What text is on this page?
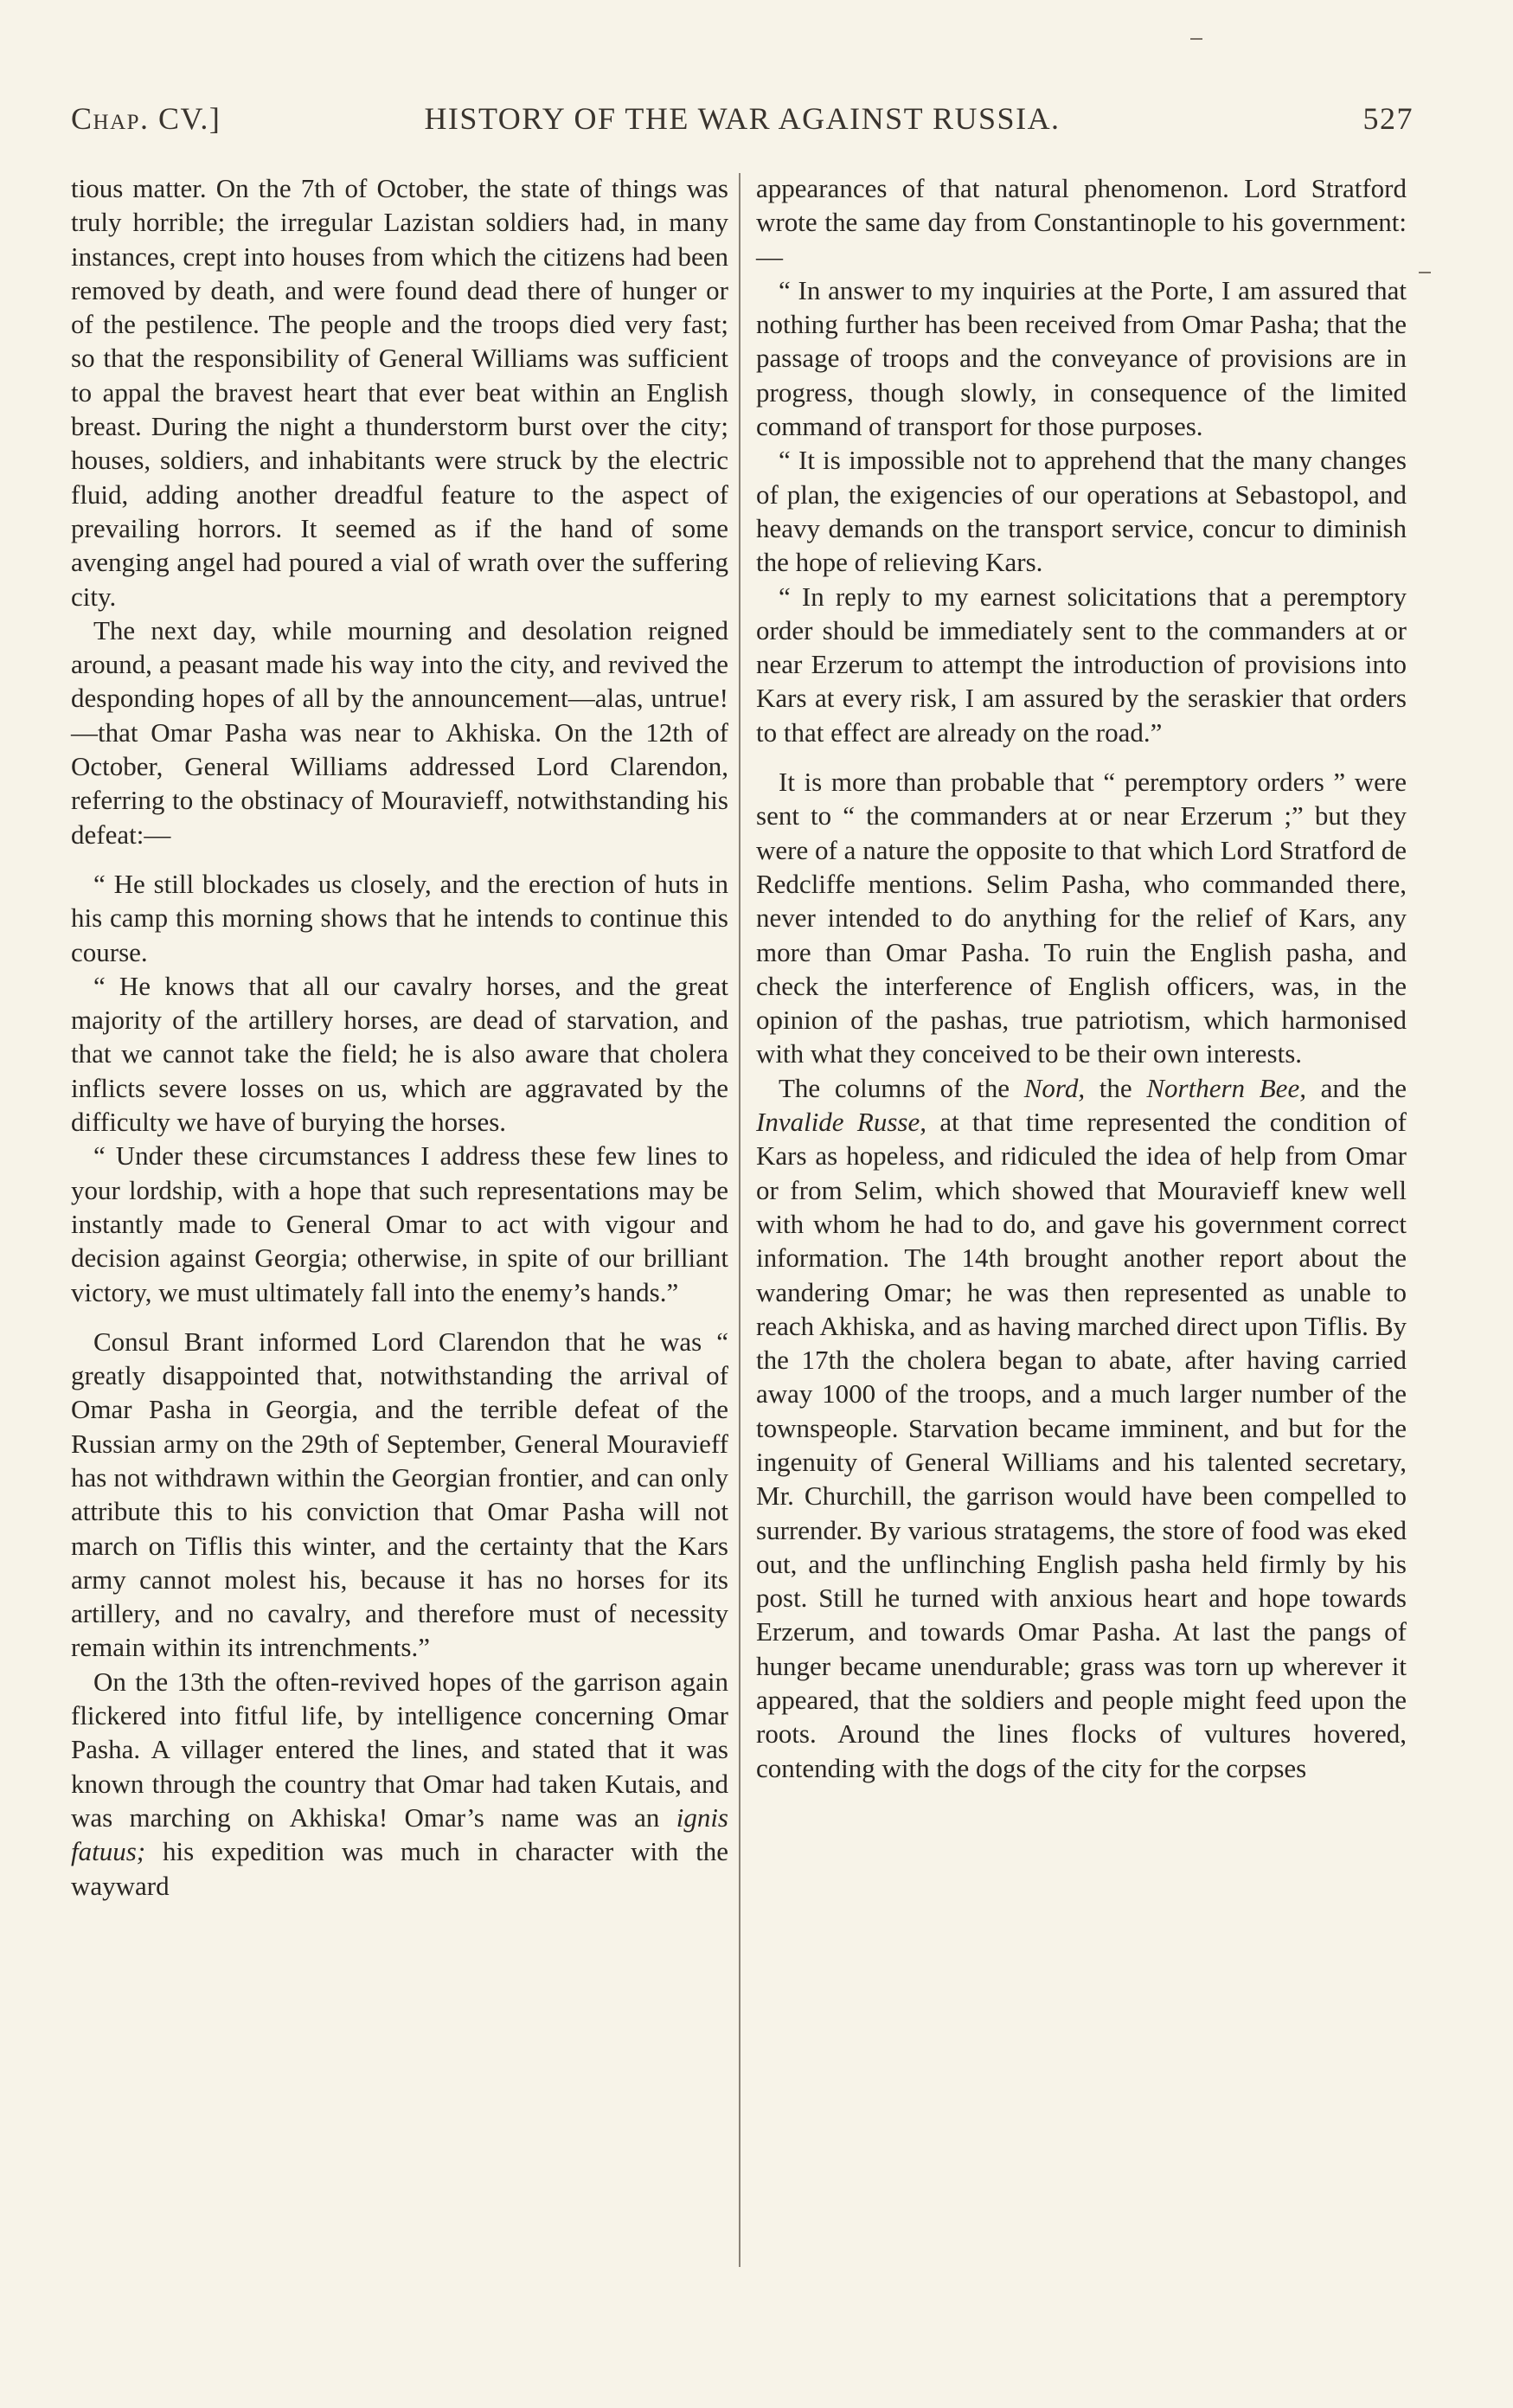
Chap. CV.]	HISTORY OF THE WAR AGAINST RUSSIA.	527

tious matter. On the 7th of October, the state of things was truly horrible; the irregular Lazistan soldiers had, in many instances, crept into houses from which the citizens had been removed by death, and were found dead there of hunger or of the pestilence. The people and the troops died very fast; so that the responsibility of General Williams was sufficient to appal the bravest heart that ever beat within an English breast. During the night a thunderstorm burst over the city; houses, soldiers, and inhabitants were struck by the electric fluid, adding another dreadful feature to the aspect of prevailing horrors. It seemed as if the hand of some avenging angel had poured a vial of wrath over the suffering city.

The next day, while mourning and desolation reigned around, a peasant made his way into the city, and revived the desponding hopes of all by the announcement—alas, untrue!—that Omar Pasha was near to Akhiska. On the 12th of October, General Williams addressed Lord Clarendon, referring to the obstinacy of Mouravieff, notwithstanding his defeat:—

“ He still blockades us closely, and the erection of huts in his camp this morning shows that he intends to continue this course.

“ He knows that all our cavalry horses, and the great majority of the artillery horses, are dead of starvation, and that we cannot take the field; he is also aware that cholera inflicts severe losses on us, which are aggravated by the difficulty we have of burying the horses.

“ Under these circumstances I address these few lines to your lordship, with a hope that such representations may be instantly made to General Omar to act with vigour and decision against Georgia; otherwise, in spite of our brilliant victory, we must ultimately fall into the enemy’s hands.”

Consul Brant informed Lord Clarendon that he was “ greatly disappointed that, notwithstanding the arrival of Omar Pasha in Georgia, and the terrible defeat of the Russian army on the 29th of September, General Mouravieff has not withdrawn within the Georgian frontier, and can only attribute this to his conviction that Omar Pasha will not march on Tiflis this winter, and the certainty that the Kars army cannot molest his, because it has no horses for its artillery, and no cavalry, and therefore must of necessity remain within its intrenchments.”

On the 13th the often-revived hopes of the garrison again flickered into fitful life, by intelligence concerning Omar Pasha. A villager entered the lines, and stated that it was known through the country that Omar had taken Kutais, and was marching on Akhiska! Omar’s name was an ignis fatuus; his expedition was much in character with the wayward

appearances of that natural phenomenon. Lord Stratford wrote the same day from Constantinople to his government:—

“ In answer to my inquiries at the Porte, I am assured that nothing further has been received from Omar Pasha; that the passage of troops and the conveyance of provisions are in progress, though slowly, in consequence of the limited command of transport for those purposes.

“ It is impossible not to apprehend that the many changes of plan, the exigencies of our operations at Sebastopol, and heavy demands on the transport service, concur to diminish the hope of relieving Kars.

“ In reply to my earnest solicitations that a peremptory order should be immediately sent to the commanders at or near Erzerum to attempt the introduction of provisions into Kars at every risk, I am assured by the seraskier that orders to that effect are already on the road.”

It is more than probable that “ peremptory orders ” were sent to “ the commanders at or near Erzerum ;” but they were of a nature the opposite to that which Lord Stratford de Redcliffe mentions. Selim Pasha, who commanded there, never intended to do anything for the relief of Kars, any more than Omar Pasha. To ruin the English pasha, and check the interference of English officers, was, in the opinion of the pashas, true patriotism, which harmonised with what they conceived to be their own interests.

The columns of the Nord, the Northern Bee, and the Invalide Russe, at that time represented the condition of Kars as hopeless, and ridiculed the idea of help from Omar or from Selim, which showed that Mouravieff knew well with whom he had to do, and gave his government correct information. The 14th brought another report about the wandering Omar; he was then represented as unable to reach Akhiska, and as having marched direct upon Tiflis. By the 17th the cholera began to abate, after having carried away 1000 of the troops, and a much larger number of the townspeople. Starvation became imminent, and but for the ingenuity of General Williams and his talented secretary, Mr. Churchill, the garrison would have been compelled to surrender. By various stratagems, the store of food was eked out, and the unflinching English pasha held firmly by his post. Still he turned with anxious heart and hope towards Erzerum, and towards Omar Pasha. At last the pangs of hunger became unendurable; grass was torn up wherever it appeared, that the soldiers and people might feed upon the roots. Around the lines flocks of vultures hovered, contending with the dogs of the city for the corpses
